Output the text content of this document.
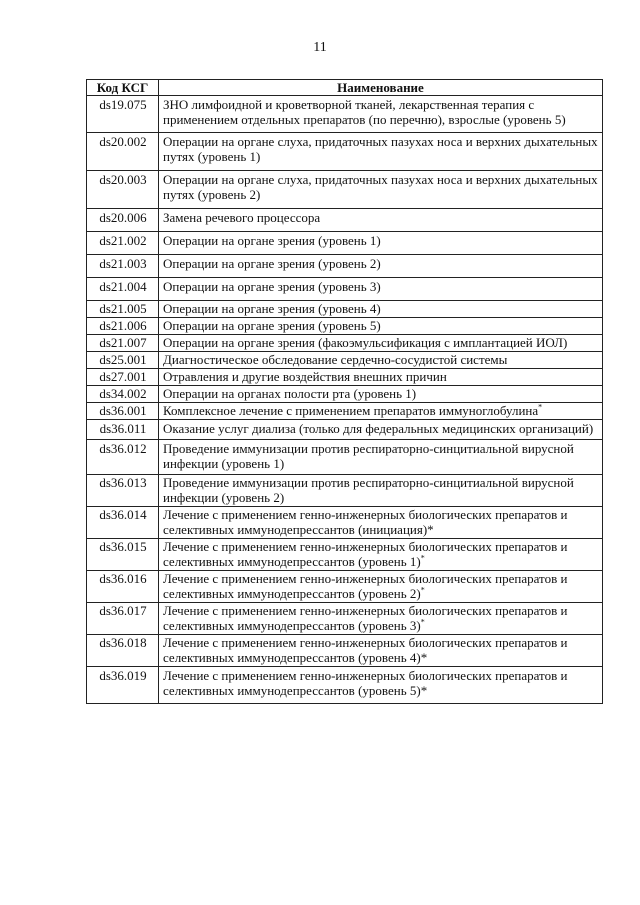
11
Код КСГ	Наименование
ds19.075	ЗНО лимфоидной и кроветворной тканей, лекарственная терапия с применением отдельных препаратов (по перечню), взрослые (уровень 5)
ds20.002	Операции на органе слуха, придаточных пазухах носа и верхних дыхательных путях (уровень 1)
ds20.003	Операции на органе слуха, придаточных пазухах носа и верхних дыхательных путях (уровень 2)
ds20.006	Замена речевого процессора
ds21.002	Операции на органе зрения (уровень 1)
ds21.003	Операции на органе зрения (уровень 2)
ds21.004	Операции на органе зрения (уровень 3)
ds21.005	Операции на органе зрения (уровень 4)
ds21.006	Операции на органе зрения (уровень 5)
ds21.007	Операции на органе зрения (факоэмульсификация с имплантацией ИОЛ)
ds25.001	Диагностическое обследование сердечно-сосудистой системы
ds27.001	Отравления и другие воздействия внешних причин
ds34.002	Операции на органах полости рта (уровень 1)
ds36.001	Комплексное лечение с применением препаратов иммуноглобулина*
ds36.011	Оказание услуг диализа (только для федеральных медицинских организаций)
ds36.012	Проведение иммунизации против респираторно-синцитиальной вирусной инфекции (уровень 1)
ds36.013	Проведение иммунизации против респираторно-синцитиальной вирусной инфекции (уровень 2)
ds36.014	Лечение с применением генно-инженерных биологических препаратов и селективных иммунодепрессантов (инициация)*
ds36.015	Лечение с применением генно-инженерных биологических препаратов и селективных иммунодепрессантов (уровень 1)*
ds36.016	Лечение с применением генно-инженерных биологических препаратов и селективных иммунодепрессантов (уровень 2)*
ds36.017	Лечение с применением генно-инженерных биологических препаратов и селективных иммунодепрессантов (уровень 3)*
ds36.018	Лечение с применением генно-инженерных биологических препаратов и селективных иммунодепрессантов (уровень 4)*
ds36.019	Лечение с применением генно-инженерных биологических препаратов и селективных иммунодепрессантов (уровень 5)*
